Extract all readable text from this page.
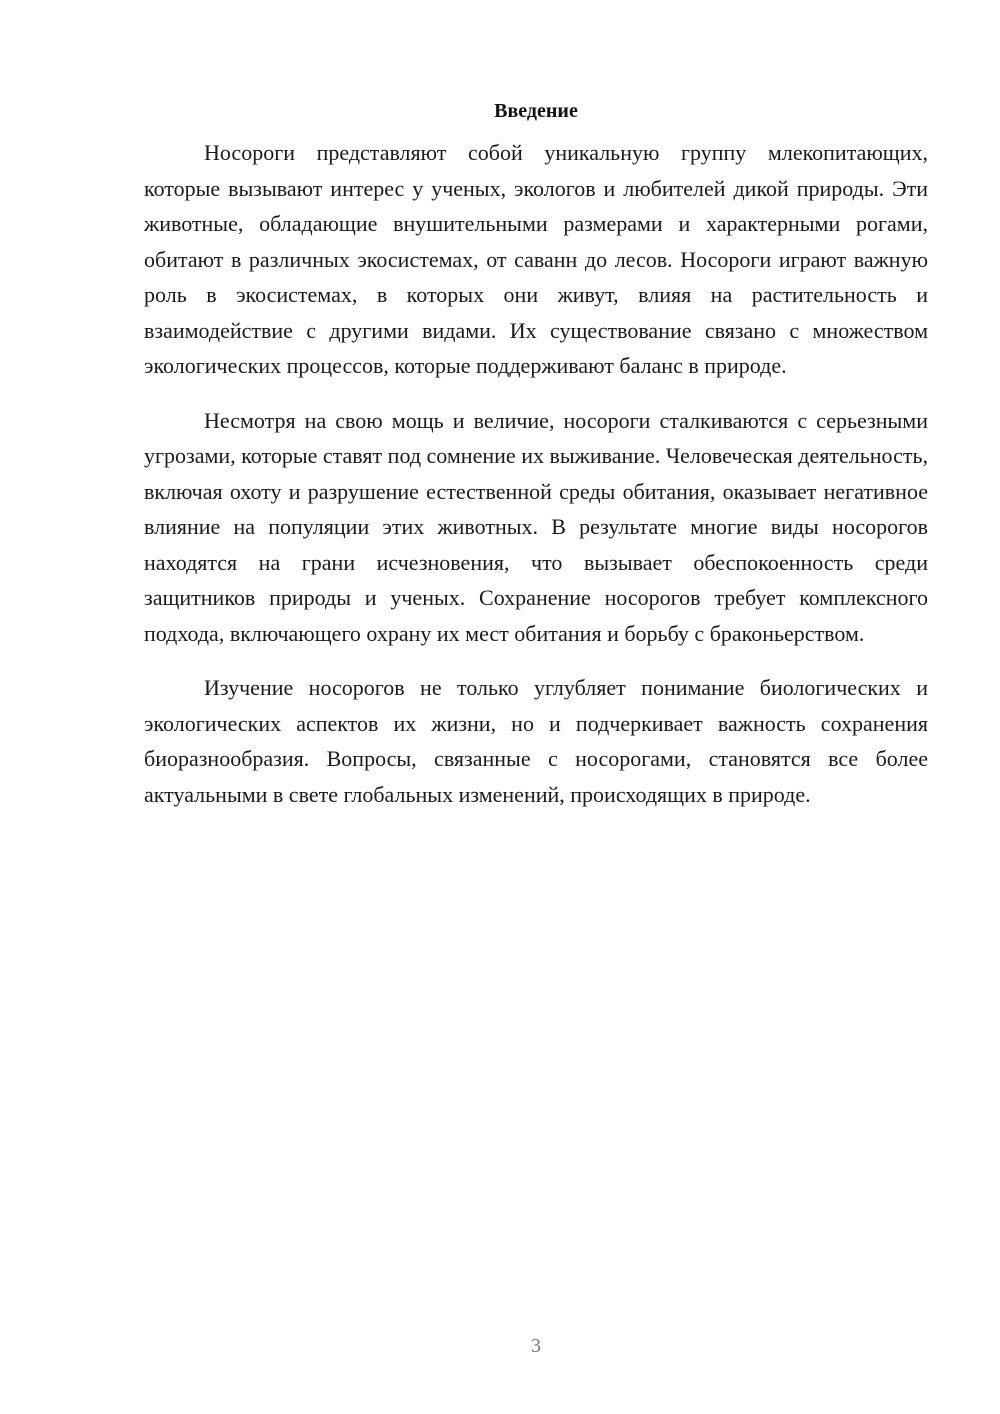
Введение

Носороги представляют собой уникальную группу млекопитающих, которые вызывают интерес у ученых, экологов и любителей дикой природы. Эти животные, обладающие внушительными размерами и характерными рогами, обитают в различных экосистемах, от саванн до лесов. Носороги играют важную роль в экосистемах, в которых они живут, влияя на растительность и взаимодействие с другими видами. Их существование связано с множеством экологических процессов, которые поддерживают баланс в природе.

Несмотря на свою мощь и величие, носороги сталкиваются с серьезными угрозами, которые ставят под сомнение их выживание. Человеческая деятельность, включая охоту и разрушение естественной среды обитания, оказывает негативное влияние на популяции этих животных. В результате многие виды носорогов находятся на грани исчезновения, что вызывает обеспокоенность среди защитников природы и ученых. Сохранение носорогов требует комплексного подхода, включающего охрану их мест обитания и борьбу с браконьерством.

Изучение носорогов не только углубляет понимание биологических и экологических аспектов их жизни, но и подчеркивает важность сохранения биоразнообразия. Вопросы, связанные с носорогами, становятся все более актуальными в свете глобальных изменений, происходящих в природе.

3
